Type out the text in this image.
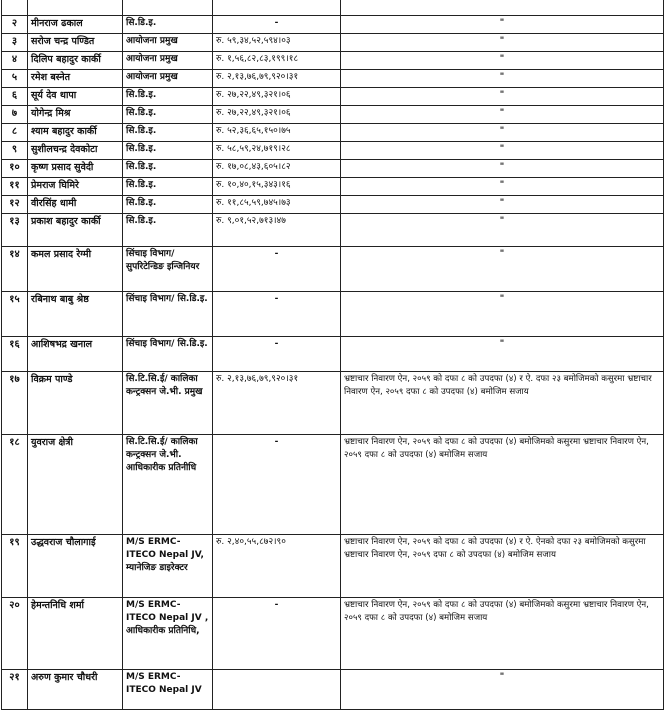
२	मीनराज ढकाल	सि.डि.इ.	-	"
३	सरोज चन्द्र पण्डित	आयोजना प्रमुख	रु. ५९,३४,५२,५९४।०३	"
४	दिलिप बहादुर कार्की	आयोजना प्रमुख	रु. १,५६,८२,८३,१९९।१८	"
५	रमेश बस्नेत	आयोजना प्रमुख	रु. २,१३,७६,७९,९२०।३१	"
६	सूर्य देव थापा	सि.डि.इ.	रु. २७,२२,४९,३२१।०६	"
७	योगेन्द्र मिश्र	सि.डि.इ.	रु. २७,२२,४९,३२१।०६	"
८	श्याम बहादुर कार्की	सि.डि.इ.	रु. ५२,३६,६५,१५०।७५	"
९	सुशीलचन्द्र देवकोटा	सि.डि.इ.	रु. ५८,५९,२४,७१९।२८	"
१०	कृष्ण प्रसाद सुवेदी	सि.डि.इ.	रु. १७,०८,४३,६०५।८२	"
११	प्रेमराज घिमिरे	सि.डि.इ.	रु. १०,४०,१५,३४३।१६	"
१२	वीरसिंह धामी	सि.डि.इ.	रु. ११,८५,५९,७४५।७३	"
१३	प्रकाश बहादुर कार्की	सि.डि.इ.	रु. ९,०१,५२,७१३।४७	"
१४	कमल प्रसाद रेग्मी	सिंचाइ विभाग/ सुपरिटेन्डिङ इन्जिनियर	-	"
१५	रबिनाथ बाबु श्रेष्ठ	सिंचाइ विभाग/ सि.डि.इ.	-	"
१६	आशिषभद्र खनाल	सिंचाइ विभाग/ सि.डि.इ.	-	"
१७	विक्रम पाण्डे	सि.टि.सि.ई/ कालिका कन्ट्रक्सन जे.भी. प्रमुख	रु. २,१३,७६,७९,९२०।३१	भ्रष्टाचार निवारण ऐन, २०५९ को दफा ८ को उपदफा (४) र ऐ. दफा २३ बमोजिमको कसुरमा भ्रष्टाचार निवारण ऐन, २०५९ दफा ८ को उपदफा (४) बमोजिम सजाय
१८	युवराज क्षेत्री	सि.टि.सि.ई/ कालिका कन्ट्रक्सन जे.भी. आधिकारीक प्रतिनीधि	-	भ्रष्टाचार निवारण ऐन, २०५९ को दफा ८ को उपदफा (४) बमोजिमको कसुरमा भ्रष्टाचार निवारण ऐन, २०५९ दफा ८ को उपदफा (४) बमोजिम सजाय
१९	उद्धवराज चौलागाई	M/S ERMC-ITECO Nepal JV, म्यानेजिङ डाइरेक्टर	रु. २,४०,५५,८७२।९०	भ्रष्टाचार निवारण ऐन, २०५९ को दफा ८ को उपदफा (४) र ऐ. ऐनको दफा २३ बमोजिमको कसुरमा भ्रष्टाचार निवारण ऐन, २०५९ दफा ८ को उपदफा (४) बमोजिम सजाय
२०	हेमन्तनिधि शर्मा	M/S ERMC-ITECO Nepal JV , आधिकारीक प्रतिनिधि,	-	भ्रष्टाचार निवारण ऐन, २०५९ को दफा ८ को उपदफा (४) बमोजिमको कसुरमा भ्रष्टाचार निवारण ऐन, २०५९ दफा ८ को उपदफा (४) बमोजिम सजाय
२१	अरुण कुमार चौधरी	M/S ERMC-ITECO Nepal JV		"
